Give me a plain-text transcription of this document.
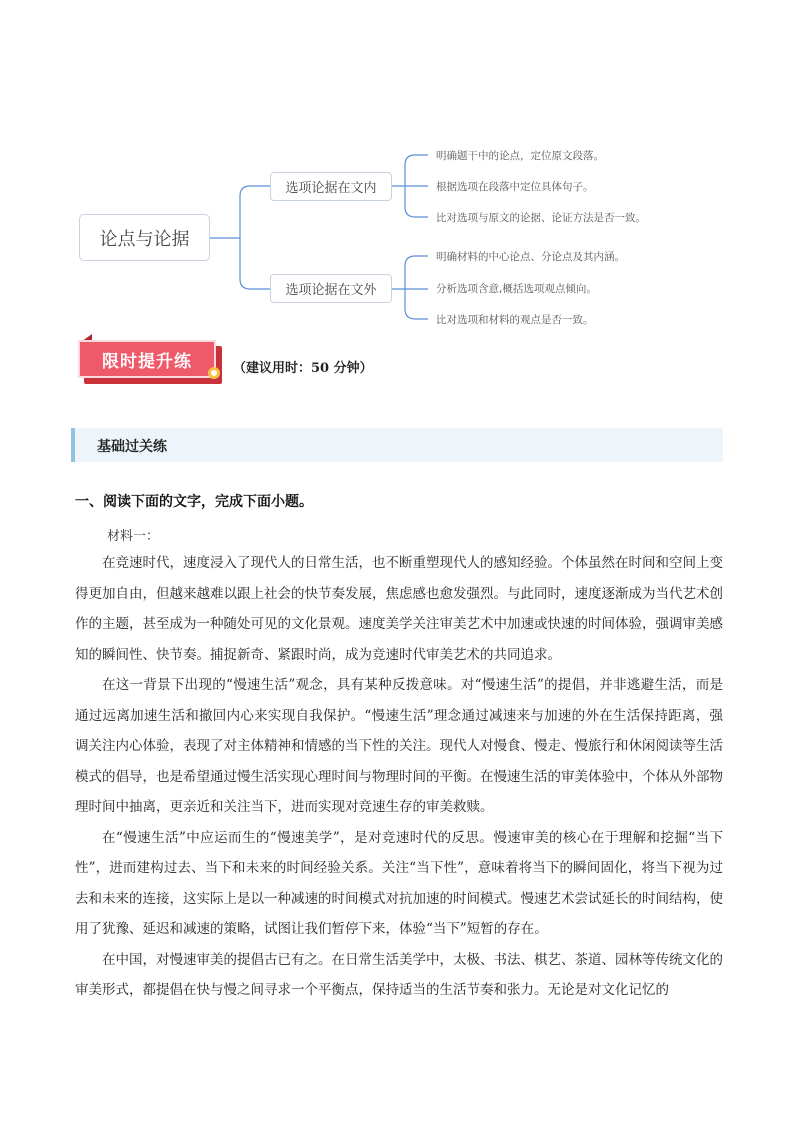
论点与论据
选项论据在文内
选项论据在文外
明确题干中的论点，定位原文段落。
根据选项在段落中定位具体句子。
比对选项与原文的论据、论证方法是否一致。
明确材料的中心论点、分论点及其内涵。
分析选项含意,概括选项观点倾向。
比对选项和材料的观点是否一致。
限时提升练	（建议用时：50 分钟）
基础过关练
一、阅读下面的文字，完成下面小题。
材料一：

在竞速时代，速度浸入了现代人的日常生活，也不断重塑现代人的感知经验。个体虽然在时间和空间上变得更加自由，但越来越难以跟上社会的快节奏发展，焦虑感也愈发强烈。与此同时，速度逐渐成为当代艺术创作的主题，甚至成为一种随处可见的文化景观。速度美学关注审美艺术中加速或快速的时间体验，强调审美感知的瞬间性、快节奏。捕捉新奇、紧跟时尚，成为竞速时代审美艺术的共同追求。

在这一背景下出现的“慢速生活”观念，具有某种反拨意味。对“慢速生活”的提倡，并非逃避生活，而是通过远离加速生活和撤回内心来实现自我保护。“慢速生活”理念通过减速来与加速的外在生活保持距离，强调关注内心体验，表现了对主体精神和情感的当下性的关注。现代人对慢食、慢走、慢旅行和休闲阅读等生活模式的倡导，也是希望通过慢生活实现心理时间与物理时间的平衡。在慢速生活的审美体验中，个体从外部物理时间中抽离，更亲近和关注当下，进而实现对竞速生存的审美救赎。

在“慢速生活”中应运而生的“慢速美学”，是对竞速时代的反思。慢速审美的核心在于理解和挖掘“当下性”，进而建构过去、当下和未来的时间经验关系。关注“当下性”，意味着将当下的瞬间固化，将当下视为过去和未来的连接，这实际上是以一种减速的时间模式对抗加速的时间模式。慢速艺术尝试延长的时间结构，使用了犹豫、延迟和减速的策略，试图让我们暂停下来，体验“当下”短暂的存在。

在中国，对慢速审美的提倡古已有之。在日常生活美学中，太极、书法、棋艺、茶道、园林等传统文化的审美形式，都提倡在快与慢之间寻求一个平衡点，保持适当的生活节奏和张力。无论是对文化记忆的
